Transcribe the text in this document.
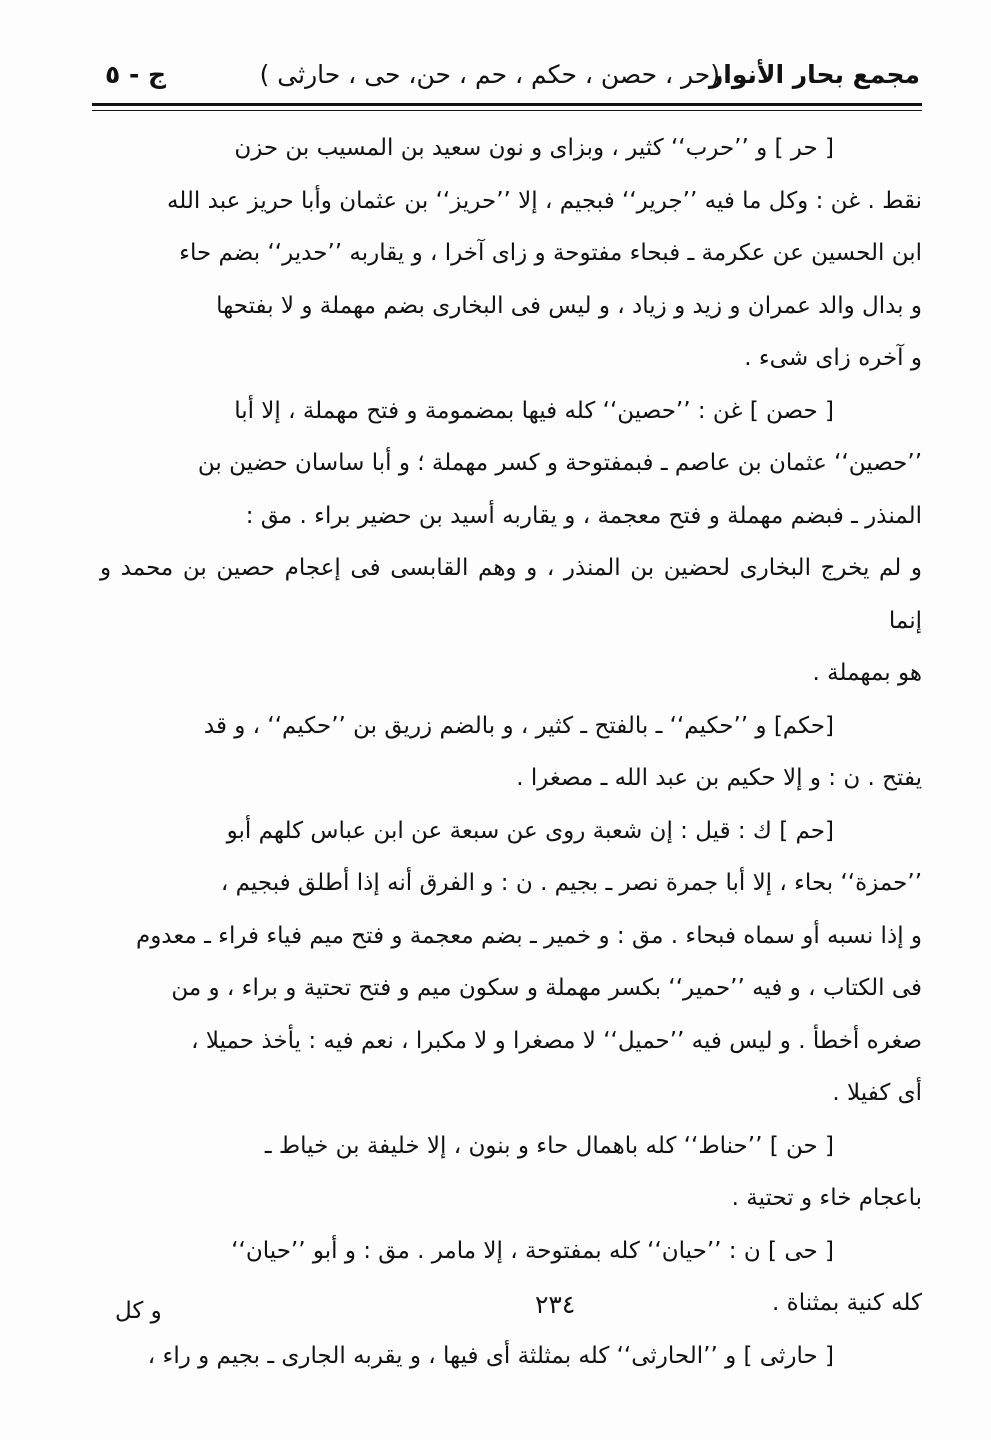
مجمع بحار الأنوار
(حر ، حصن ، حكم ، حم ، حن، حى ، حارثى )
ج - ٥
[ حر ] و ’’حرب‘‘ كثير ، وبزاى و نون سعيد بن المسيب بن حزن
نقط . غن : وكل ما فيه ’’جرير‘‘ فبجيم ، إلا ’’حريز‘‘ بن عثمان وأبا حريز عبد الله
ابن الحسين عن عكرمة ـ فبحاء مفتوحة و زاى آخرا ، و يقاربه ’’حدير‘‘ بضم حاء
و بدال والد عمران و زيد و زياد ، و ليس فى البخارى بضم مهملة و لا بفتحها
و آخره زاى شىء .
[ حصن ] غن : ’’حصين‘‘ كله فيها بمضمومة و فتح مهملة ، إلا أبا
’’حصين‘‘ عثمان بن عاصم ـ فبمفتوحة و كسر مهملة ؛ و أبا ساسان حضين بن
المنذر ـ فبضم مهملة و فتح معجمة ، و يقاربه أسيد بن حضير براء . مق :
و لم يخرج البخارى لحضين بن المنذر ، و وهم القابسى فى إعجام حصين بن محمد و إنما
هو بمهملة .
[حكم] و ’’حكيم‘‘ ـ بالفتح ـ كثير ، و بالضم زريق بن ’’حكيم‘‘ ، و قد
يفتح . ن : و إلا حكيم بن عبد الله ـ مصغرا .
[حم ] ك : قيل : إن شعبة روى عن سبعة عن ابن عباس كلهم أبو
’’حمزة‘‘ بحاء ، إلا أبا جمرة نصر ـ بجيم . ن : و الفرق أنه إذا أطلق فبجيم ،
و إذا نسبه أو سماه فبحاء . مق : و خمير ـ بضم معجمة و فتح ميم فياء فراء ـ معدوم
فى الكتاب ، و فيه ’’حمير‘‘ بكسر مهملة و سكون ميم و فتح تحتية و براء ، و من
صغره أخطأ . و ليس فيه ’’حميل‘‘ لا مصغرا و لا مكبرا ، نعم فيه : يأخذ حميلا ،
أى كفيلا .
[ حن ] ’’حناط‘‘ كله باهمال حاء و بنون ، إلا خليفة بن خياط ـ
باعجام خاء و تحتية .
[ حى ] ن : ’’حيان‘‘ كله بمفتوحة ، إلا مامر . مق : و أبو ’’حيان‘‘
كله كنية بمثناة .
[ حارثى ] و ’’الحارثى‘‘ كله بمثلثة أى فيها ، و يقربه الجارى ـ بجيم و راء ،
٢٣٤
و كل
